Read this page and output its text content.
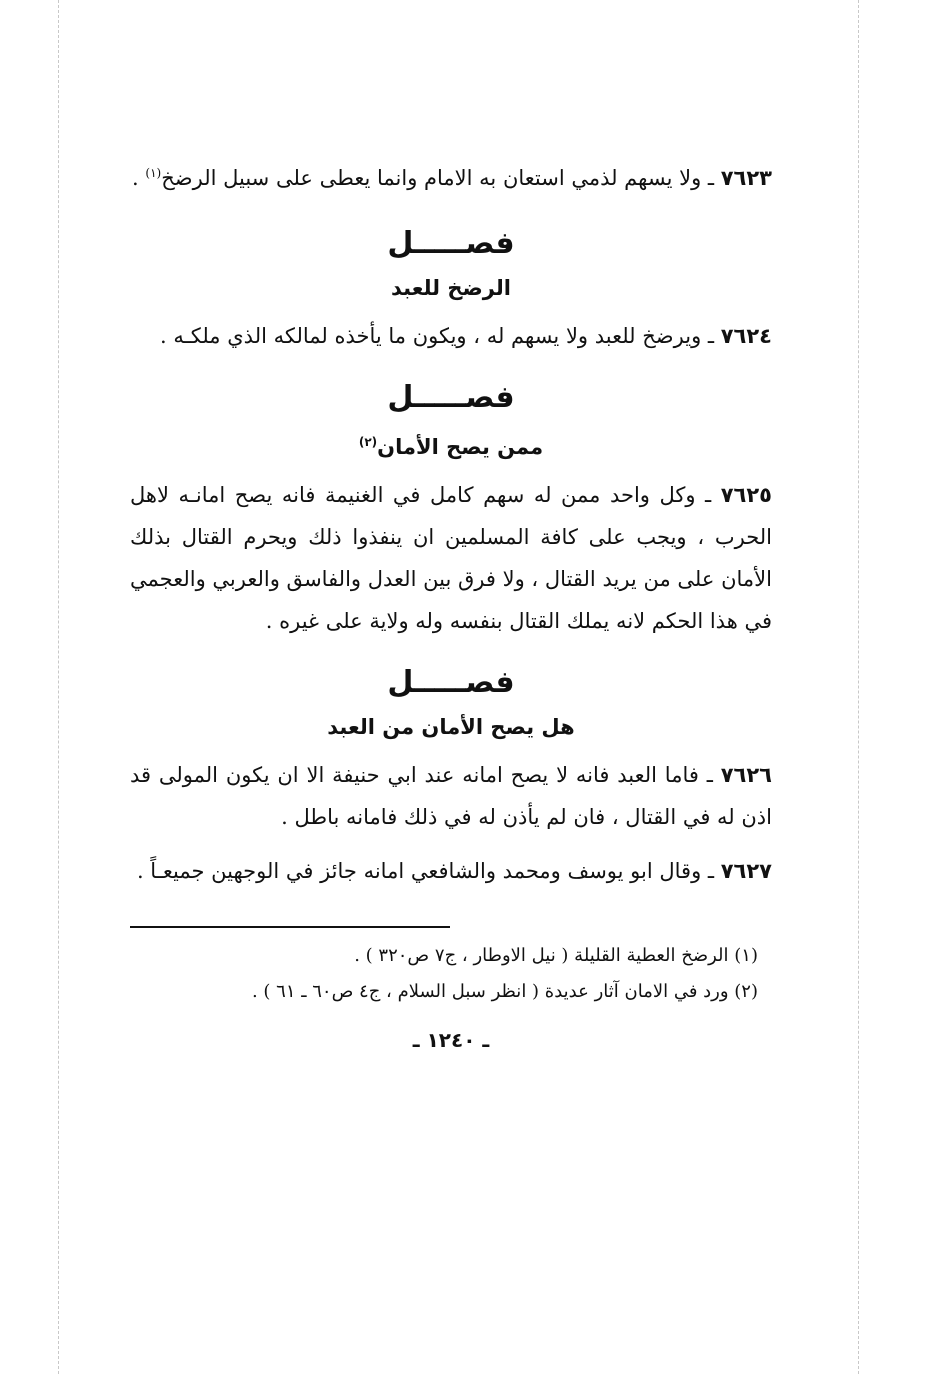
٧٦٢٣ ـ ولا يسهم لذمي استعان به الامام وانما يعطى على سبيل الرضخ$^{(١)}$ .

فصـــــل
الرضخ للعبد

٧٦٢٤ ـ ويرضخ للعبد ولا يسهم له ، ويكون ما يأخذه لمالكه الذي ملكـه .

فصـــــل
ممن يصح الأمان$^{(٢)}$

٧٦٢٥ ـ وكل واحد ممن له سهم كامل في الغنيمة فانه يصح امانـه لاهل الحرب ، ويجب على كافة المسلمين ان ينفذوا ذلك ويحرم القتال بذلك الأمان على من يريد القتال ، ولا فرق بين العدل والفاسق والعربي والعجمي في هذا الحكم لانه يملك القتال بنفسه وله ولاية على غيره .

فصـــــل
هل يصح الأمان من العبد

٧٦٢٦ ـ فاما العبد فانه لا يصح امانه عند ابي حنيفة الا ان يكون المولى قد اذن له في القتال ، فان لم يأذن له في ذلك فامانه باطل .

٧٦٢٧ ـ وقال ابو يوسف ومحمد والشافعي امانه جائز في الوجهين جميعـاً .

(١) الرضخ العطية القليلة ( نيل الاوطار ، ج٧ ص٣٢٠ ) .

(٢) ورد في الامان آثار عديدة ( انظر سبل السلام ، ج٤ ص٦٠ ـ ٦١ ) .

ـ ١٢٤٠ ـ
